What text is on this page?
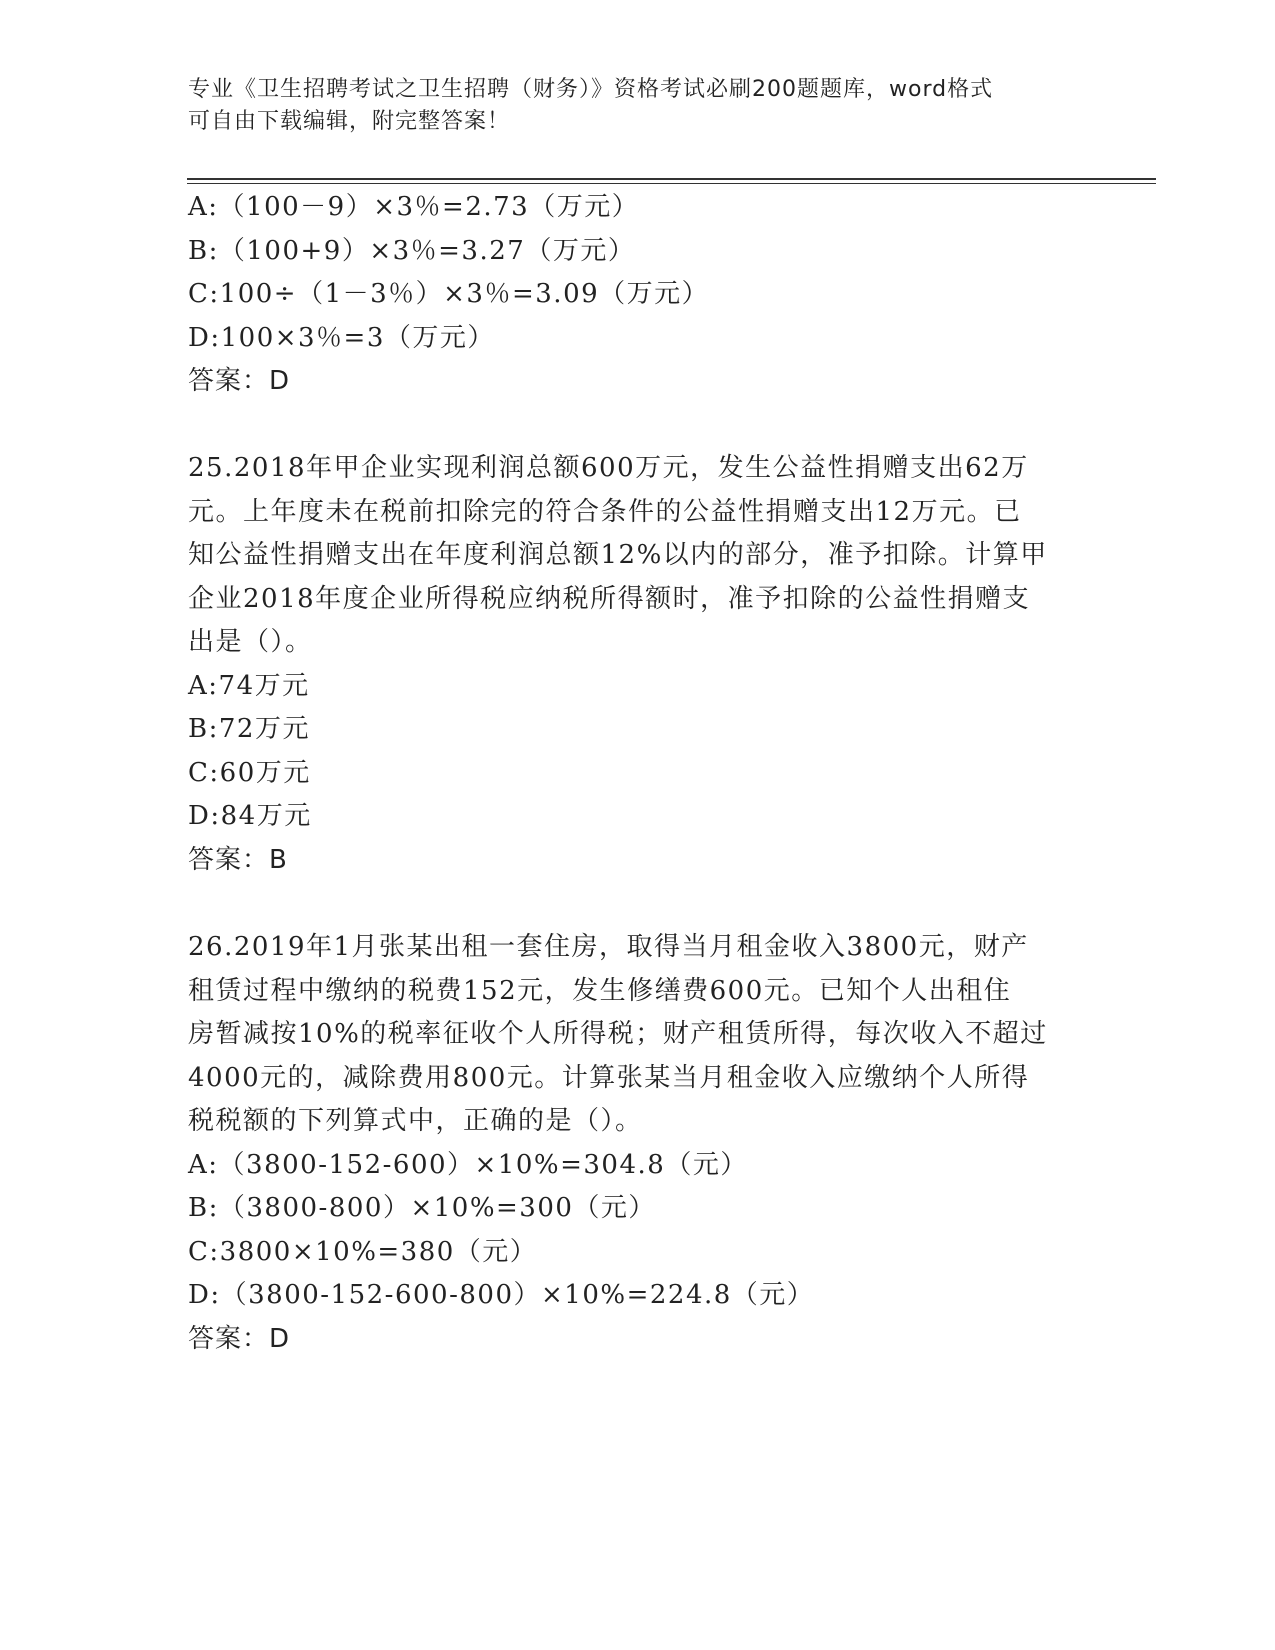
专业《卫生招聘考试之卫生招聘（财务）》资格考试必刷200题题库，word格式
可自由下载编辑，附完整答案！
A:（100－9）×3％=2.73（万元）
B:（100+9）×3％=3.27（万元）
C:100÷（1－3％）×3％=3.09（万元）
D:100×3％=3（万元）
答案：D
25.2018年甲企业实现利润总额600万元，发生公益性捐赠支出62万
元。上年度未在税前扣除完的符合条件的公益性捐赠支出12万元。已
知公益性捐赠支出在年度利润总额12%以内的部分，准予扣除。计算甲
企业2018年度企业所得税应纳税所得额时，准予扣除的公益性捐赠支
出是（）。
A:74万元
B:72万元
C:60万元
D:84万元
答案：B
26.2019年1月张某出租一套住房，取得当月租金收入3800元，财产
租赁过程中缴纳的税费152元，发生修缮费600元。已知个人出租住
房暂减按10%的税率征收个人所得税；财产租赁所得，每次收入不超过
4000元的，减除费用800元。计算张某当月租金收入应缴纳个人所得
税税额的下列算式中，正确的是（）。
A:（3800-152-600）×10%=304.8（元）
B:（3800-800）×10%=300（元）
C:3800×10%=380（元）
D:（3800-152-600-800）×10%=224.8（元）
答案：D
